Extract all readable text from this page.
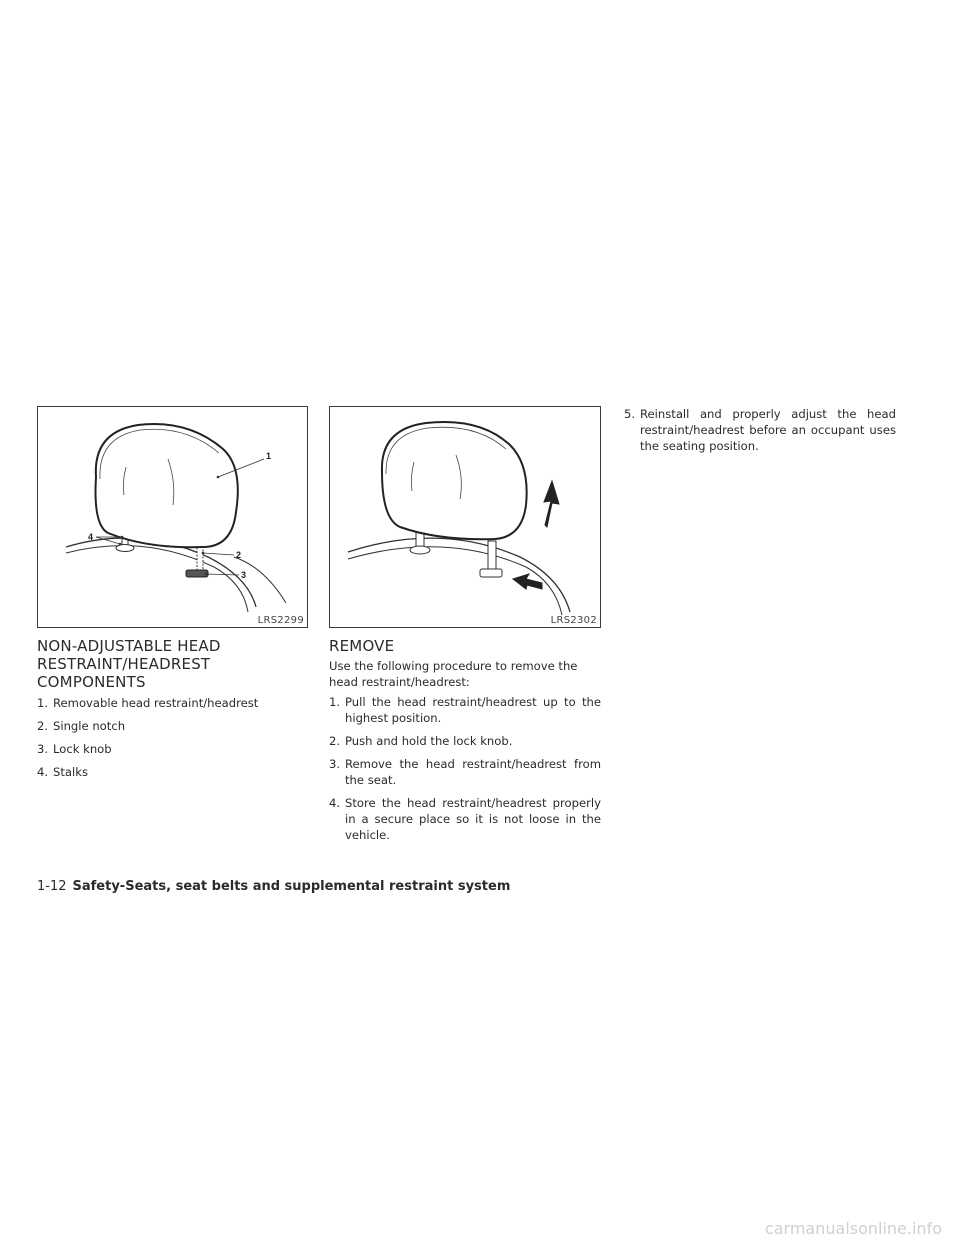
1
2
3
4
LRS2299	LRS2302
NON-ADJUSTABLE HEAD RESTRAINT/HEADREST COMPONENTS
1. Removable head restraint/headrest
2. Single notch
3. Lock knob
4. Stalks
REMOVE

Use the following procedure to remove the head restraint/headrest:

1. Pull the head restraint/headrest up to the highest position.
2. Push and hold the lock knob.
3. Remove the head restraint/headrest from the seat.
4. Store the head restraint/headrest properly in a secure place so it is not loose in the vehicle.
5. Reinstall and properly adjust the head restraint/headrest before an occupant uses the seating position.
1-12 Safety-Seats, seat belts and supplemental restraint system
carmanualsonline.info
